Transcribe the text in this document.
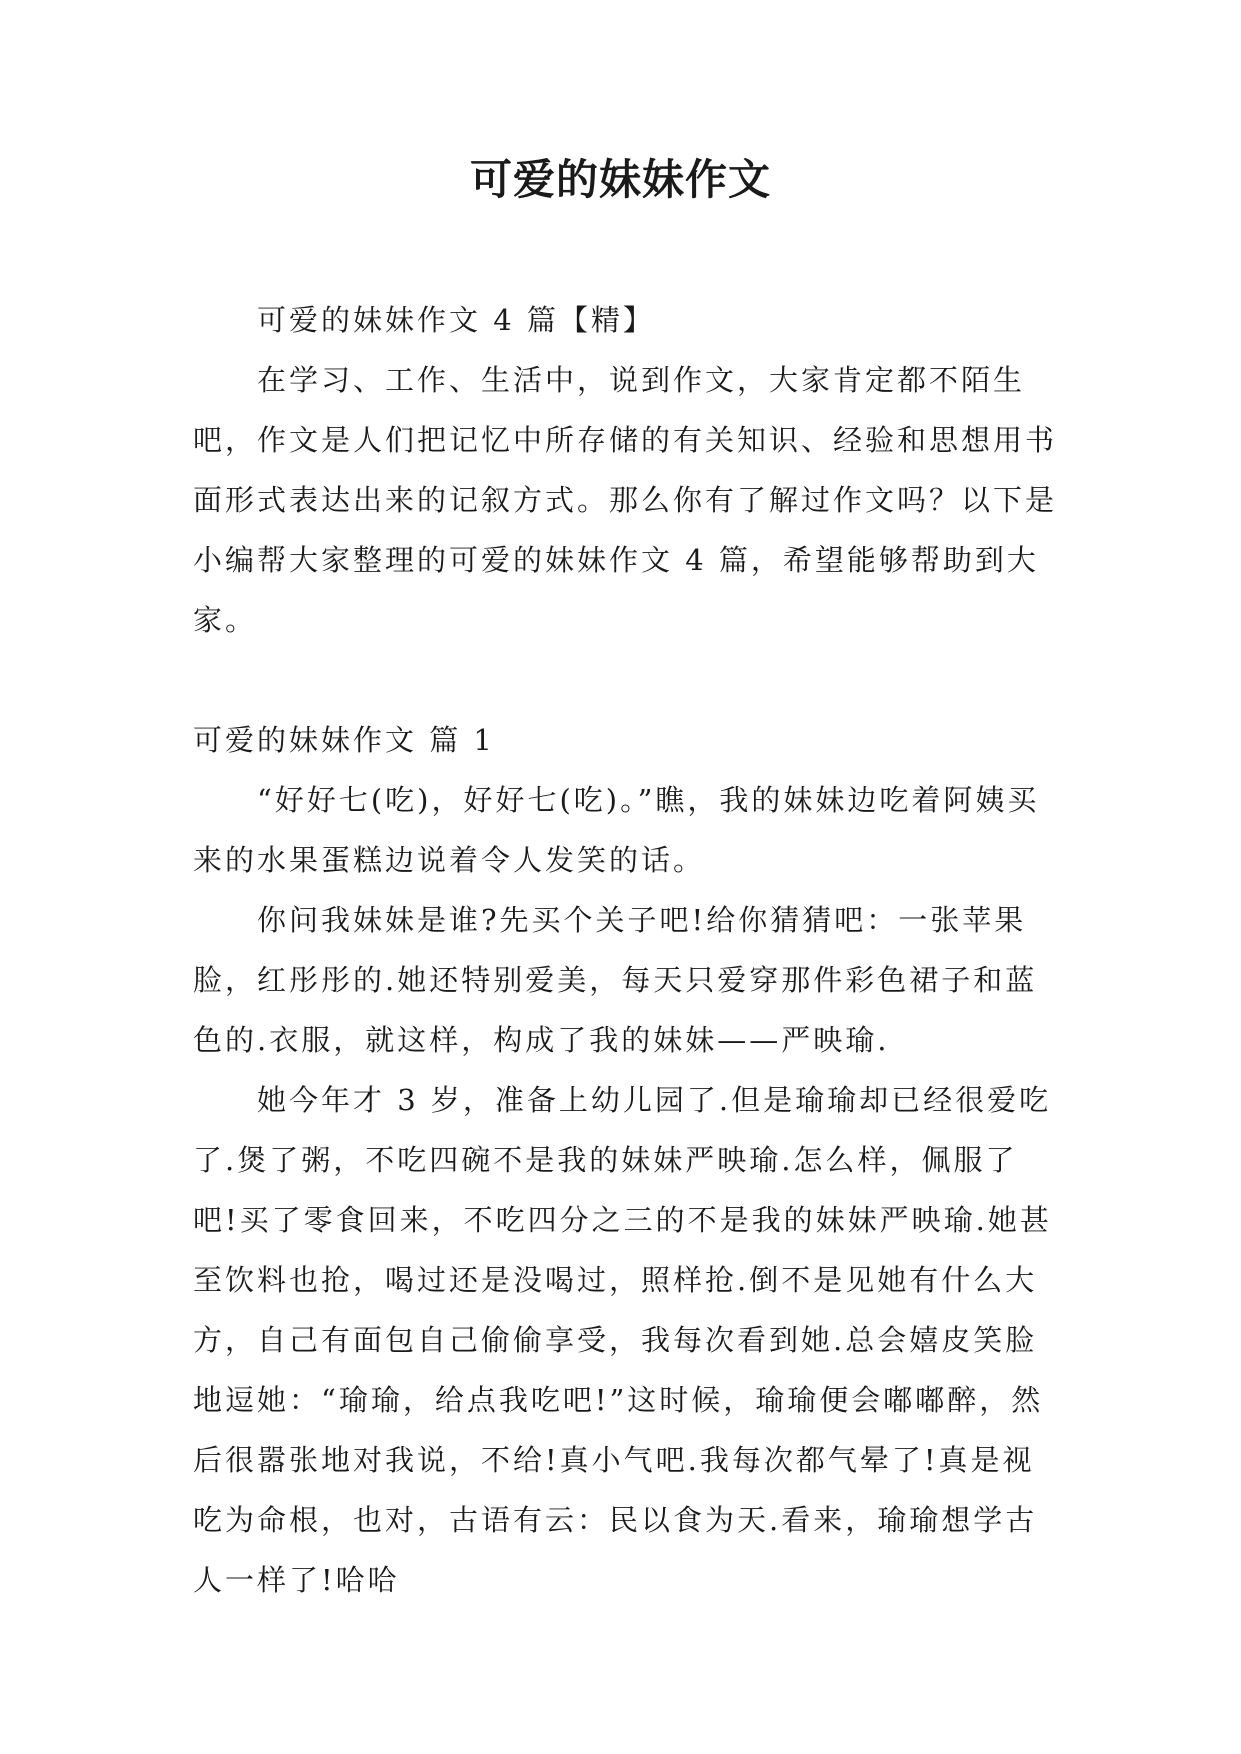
可爱的妹妹作文

可爱的妹妹作文 4 篇【精】

在学习、工作、生活中，说到作文，大家肯定都不陌生吧，作文是人们把记忆中所存储的有关知识、经验和思想用书面形式表达出来的记叙方式。那么你有了解过作文吗？以下是小编帮大家整理的可爱的妹妹作文 4 篇，希望能够帮助到大家。

可爱的妹妹作文 篇 1

“好好七(吃)，好好七(吃)。”瞧，我的妹妹边吃着阿姨买来的水果蛋糕边说着令人发笑的话。

你问我妹妹是谁?先买个关子吧!给你猜猜吧：一张苹果脸，红彤彤的.她还特别爱美，每天只爱穿那件彩色裙子和蓝色的.衣服，就这样，构成了我的妹妹——严映瑜.

她今年才 3 岁，准备上幼儿园了.但是瑜瑜却已经很爱吃了.煲了粥，不吃四碗不是我的妹妹严映瑜.怎么样，佩服了吧!买了零食回来，不吃四分之三的不是我的妹妹严映瑜.她甚至饮料也抢，喝过还是没喝过，照样抢.倒不是见她有什么大方，自己有面包自己偷偷享受，我每次看到她.总会嬉皮笑脸地逗她：“瑜瑜，给点我吃吧!”这时候，瑜瑜便会嘟嘟醉，然后很嚣张地对我说，不给!真小气吧.我每次都气晕了!真是视吃为命根，也对，古语有云：民以食为天.看来，瑜瑜想学古人一样了!哈哈
